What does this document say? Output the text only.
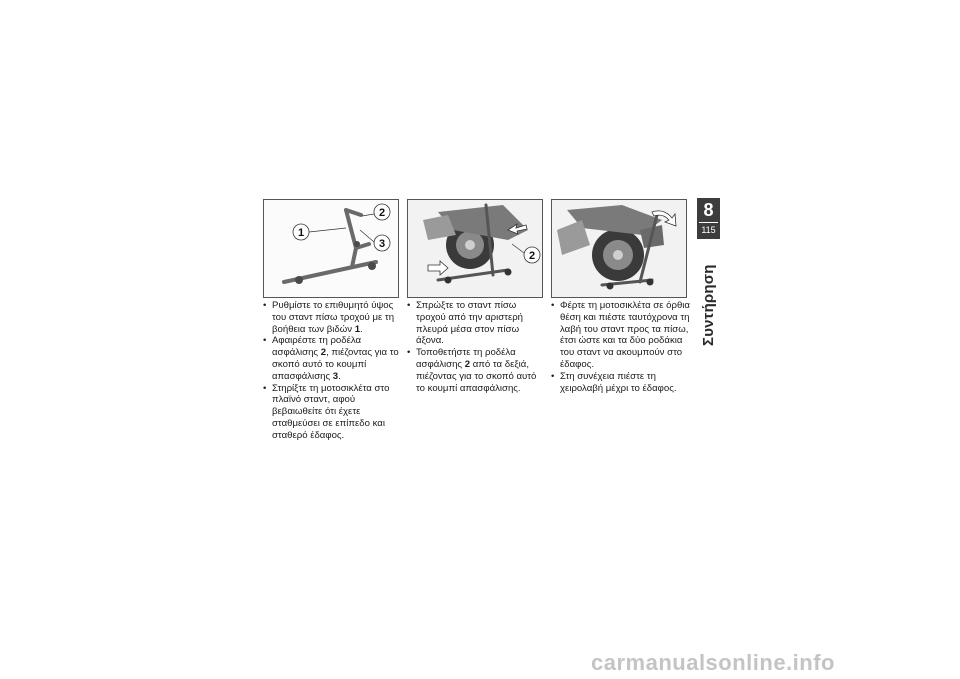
1
2
3
2
• Ρυθμίστε το επιθυμητό ύψος του σταντ πίσω τροχού με τη βοήθεια των βιδών 1.
• Αφαιρέστε τη ροδέλα ασφάλισης 2, πιέζοντας για το σκοπό αυτό το κουμπί απασφάλισης 3.
• Στηρίξτε τη μοτοσικλέτα στο πλαϊνό σταντ, αφού βεβαιωθείτε ότι έχετε σταθμεύσει σε επίπεδο και σταθερό έδαφος.
• Σπρώξτε το σταντ πίσω τροχού από την αριστερή πλευρά μέσα στον πίσω άξονα.
• Τοποθετήστε τη ροδέλα ασφάλισης 2 από τα δεξιά, πιέζοντας για το σκοπό αυτό το κουμπί απασφάλισης.
• Φέρτε τη μοτοσικλέτα σε όρθια θέση και πιέστε ταυτόχρονα τη λαβή του σταντ προς τα πίσω, έτσι ώστε και τα δύο ροδάκια του σταντ να ακουμπούν στο έδαφος.
• Στη συνέχεια πιέστε τη χειρολαβή μέχρι το έδαφος.
8
115
Συντήρηση
carmanualsonline.info
